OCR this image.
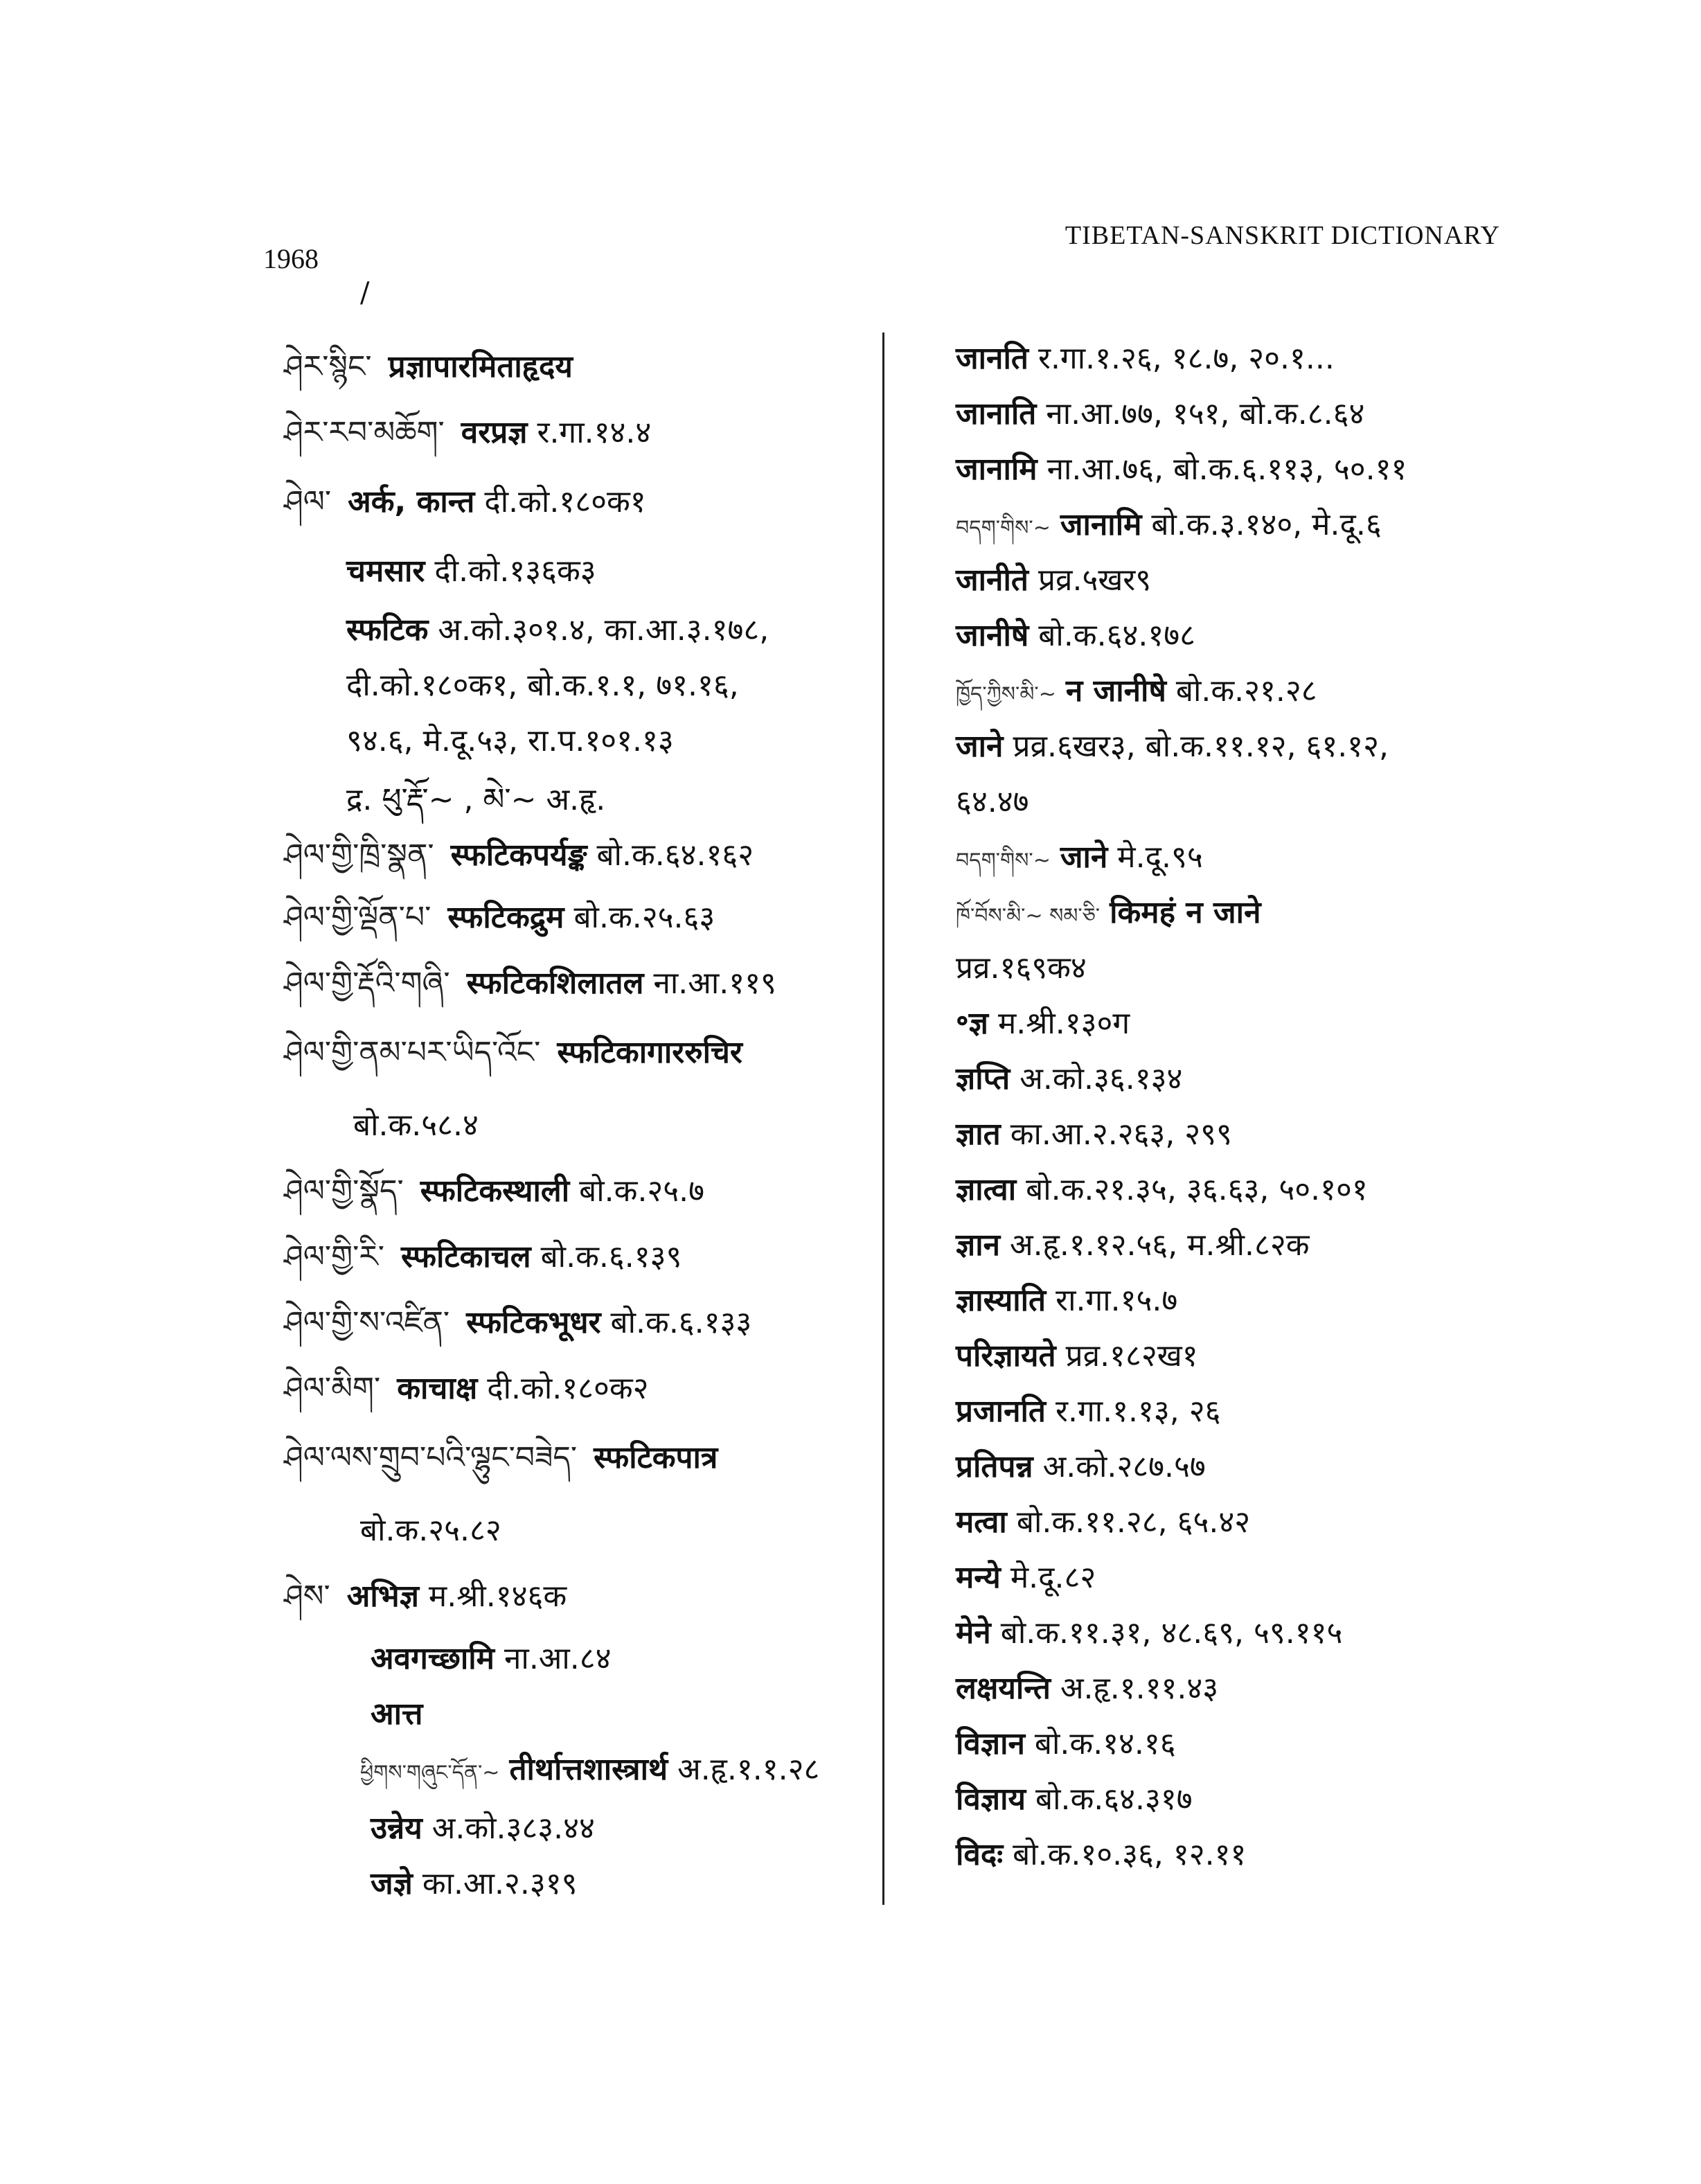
1968
TIBETAN-SANSKRIT DICTIONARY
/
ཤེར་སྙིང་ प्रज्ञापारमिताहृदय
ཤེར་རབ་མཆོག་ वरप्रज्ञ र.गा.१४.४
ཤེལ་ अर्क, कान्त दी.को.१८०क१
चमसार दी.को.१३६क३
स्फटिक अ.को.३०१.४, का.आ.३.१७८,
दी.को.१८०क१, बो.क.१.१, ७१.१६,
९४.६, मे.दू.५३, रा.प.१०१.१३
द्र. ཕུ་རྡོ་~ , མེ་~ अ.हृ.
ཤེལ་གྱི་ཁྲི་སྣན་ स्फटिकपर्यङ्क बो.क.६४.१६२
ཤེལ་གྱི་ལྡོན་པ་ स्फटिकद्रुम बो.क.२५.६३
ཤེལ་གྱི་རྡོའི་གཞི་ स्फटिकशिलातल ना.आ.११९
ཤེལ་གྱི་ནམ་པར་ཡིད་འོང་ स्फटिकागाररुचिर
बो.क.५८.४
ཤེལ་གྱི་སྣོད་ स्फटिकस्थाली बो.क.२५.७
ཤེལ་གྱི་རི་ स्फटिकाचल बो.क.६.१३९
ཤེལ་གྱི་ས་འཛིན་ स्फटिकभूधर बो.क.६.१३३
ཤེལ་མིག་ काचाक्ष दी.को.१८०क२
ཤེལ་ལས་གྲུབ་པའི་ལྷུང་བཟེད་ स्फटिकपात्र
बो.क.२५.८२
ཤེས་ अभिज्ञ म.श्री.१४६क
अवगच्छामि ना.आ.८४
आत्त
ཕྱིགས་གཞུང་དོན་~ तीर्थात्तशास्त्रार्थ अ.हृ.१.१.२८
उन्नेय अ.को.३८३.४४
जज्ञे का.आ.२.३१९
जानति र.गा.१.२६, १८.७, २०.१...
जानाति ना.आ.७७, १५१, बो.क.८.६४
जानामि ना.आ.७६, बो.क.६.११३, ५०.११
བདག་གིས་~ जानामि बो.क.३.१४०, मे.दू.६
जानीते प्रव्र.५खर९
जानीषे बो.क.६४.१७८
ཁྱོད་ཀྱིས་མི་~ न जानीषे बो.क.२१.२८
जाने प्रव्र.६खर३, बो.क.११.१२, ६१.१२,
६४.४७
བདག་གིས་~ जाने मे.दू.९५
ཁོ་བོས་མི་~ སམ་ཅི་ किमहं न जाने
प्रव्र.१६९क४
॰ज्ञ म.श्री.१३०ग
ज्ञप्ति अ.को.३६.१३४
ज्ञात का.आ.२.२६३, २९९
ज्ञात्वा बो.क.२१.३५, ३६.६३, ५०.१०१
ज्ञान अ.हृ.१.१२.५६, म.श्री.८२क
ज्ञास्याति रा.गा.१५.७
परिज्ञायते प्रव्र.१८२ख१
प्रजानति र.गा.१.१३, २६
प्रतिपन्न अ.को.२८७.५७
मत्वा बो.क.११.२८, ६५.४२
मन्ये मे.दू.८२
मेने बो.क.११.३१, ४८.६९, ५९.११५
लक्षयन्ति अ.हृ.१.११.४३
विज्ञान बो.क.१४.१६
विज्ञाय बो.क.६४.३१७
विदः बो.क.१०.३६, १२.११
